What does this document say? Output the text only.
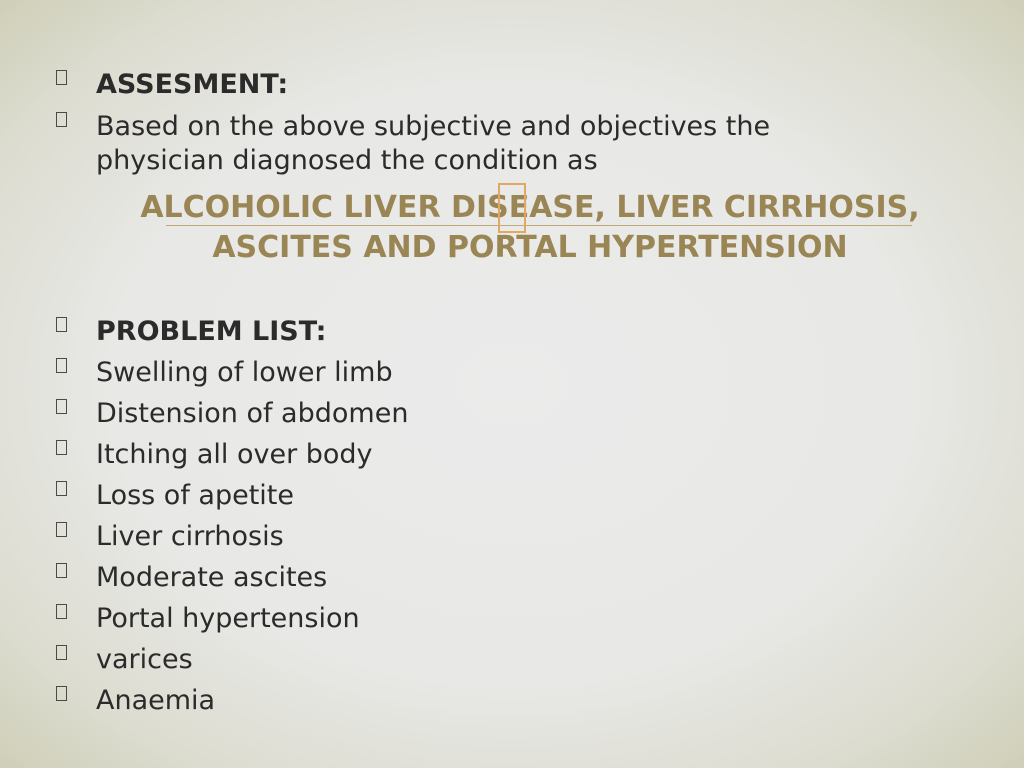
ASSESMENT:
Based on the above subjective and objectives the physician diagnosed the condition as
ALCOHOLIC LIVER DISEASE, LIVER CIRRHOSIS,
ASCITES AND PORTAL HYPERTENSION
PROBLEM LIST:
Swelling of lower limb
Distension of abdomen
Itching all over body
Loss of apetite
Liver cirrhosis
Moderate ascites
Portal hypertension
varices
Anaemia
